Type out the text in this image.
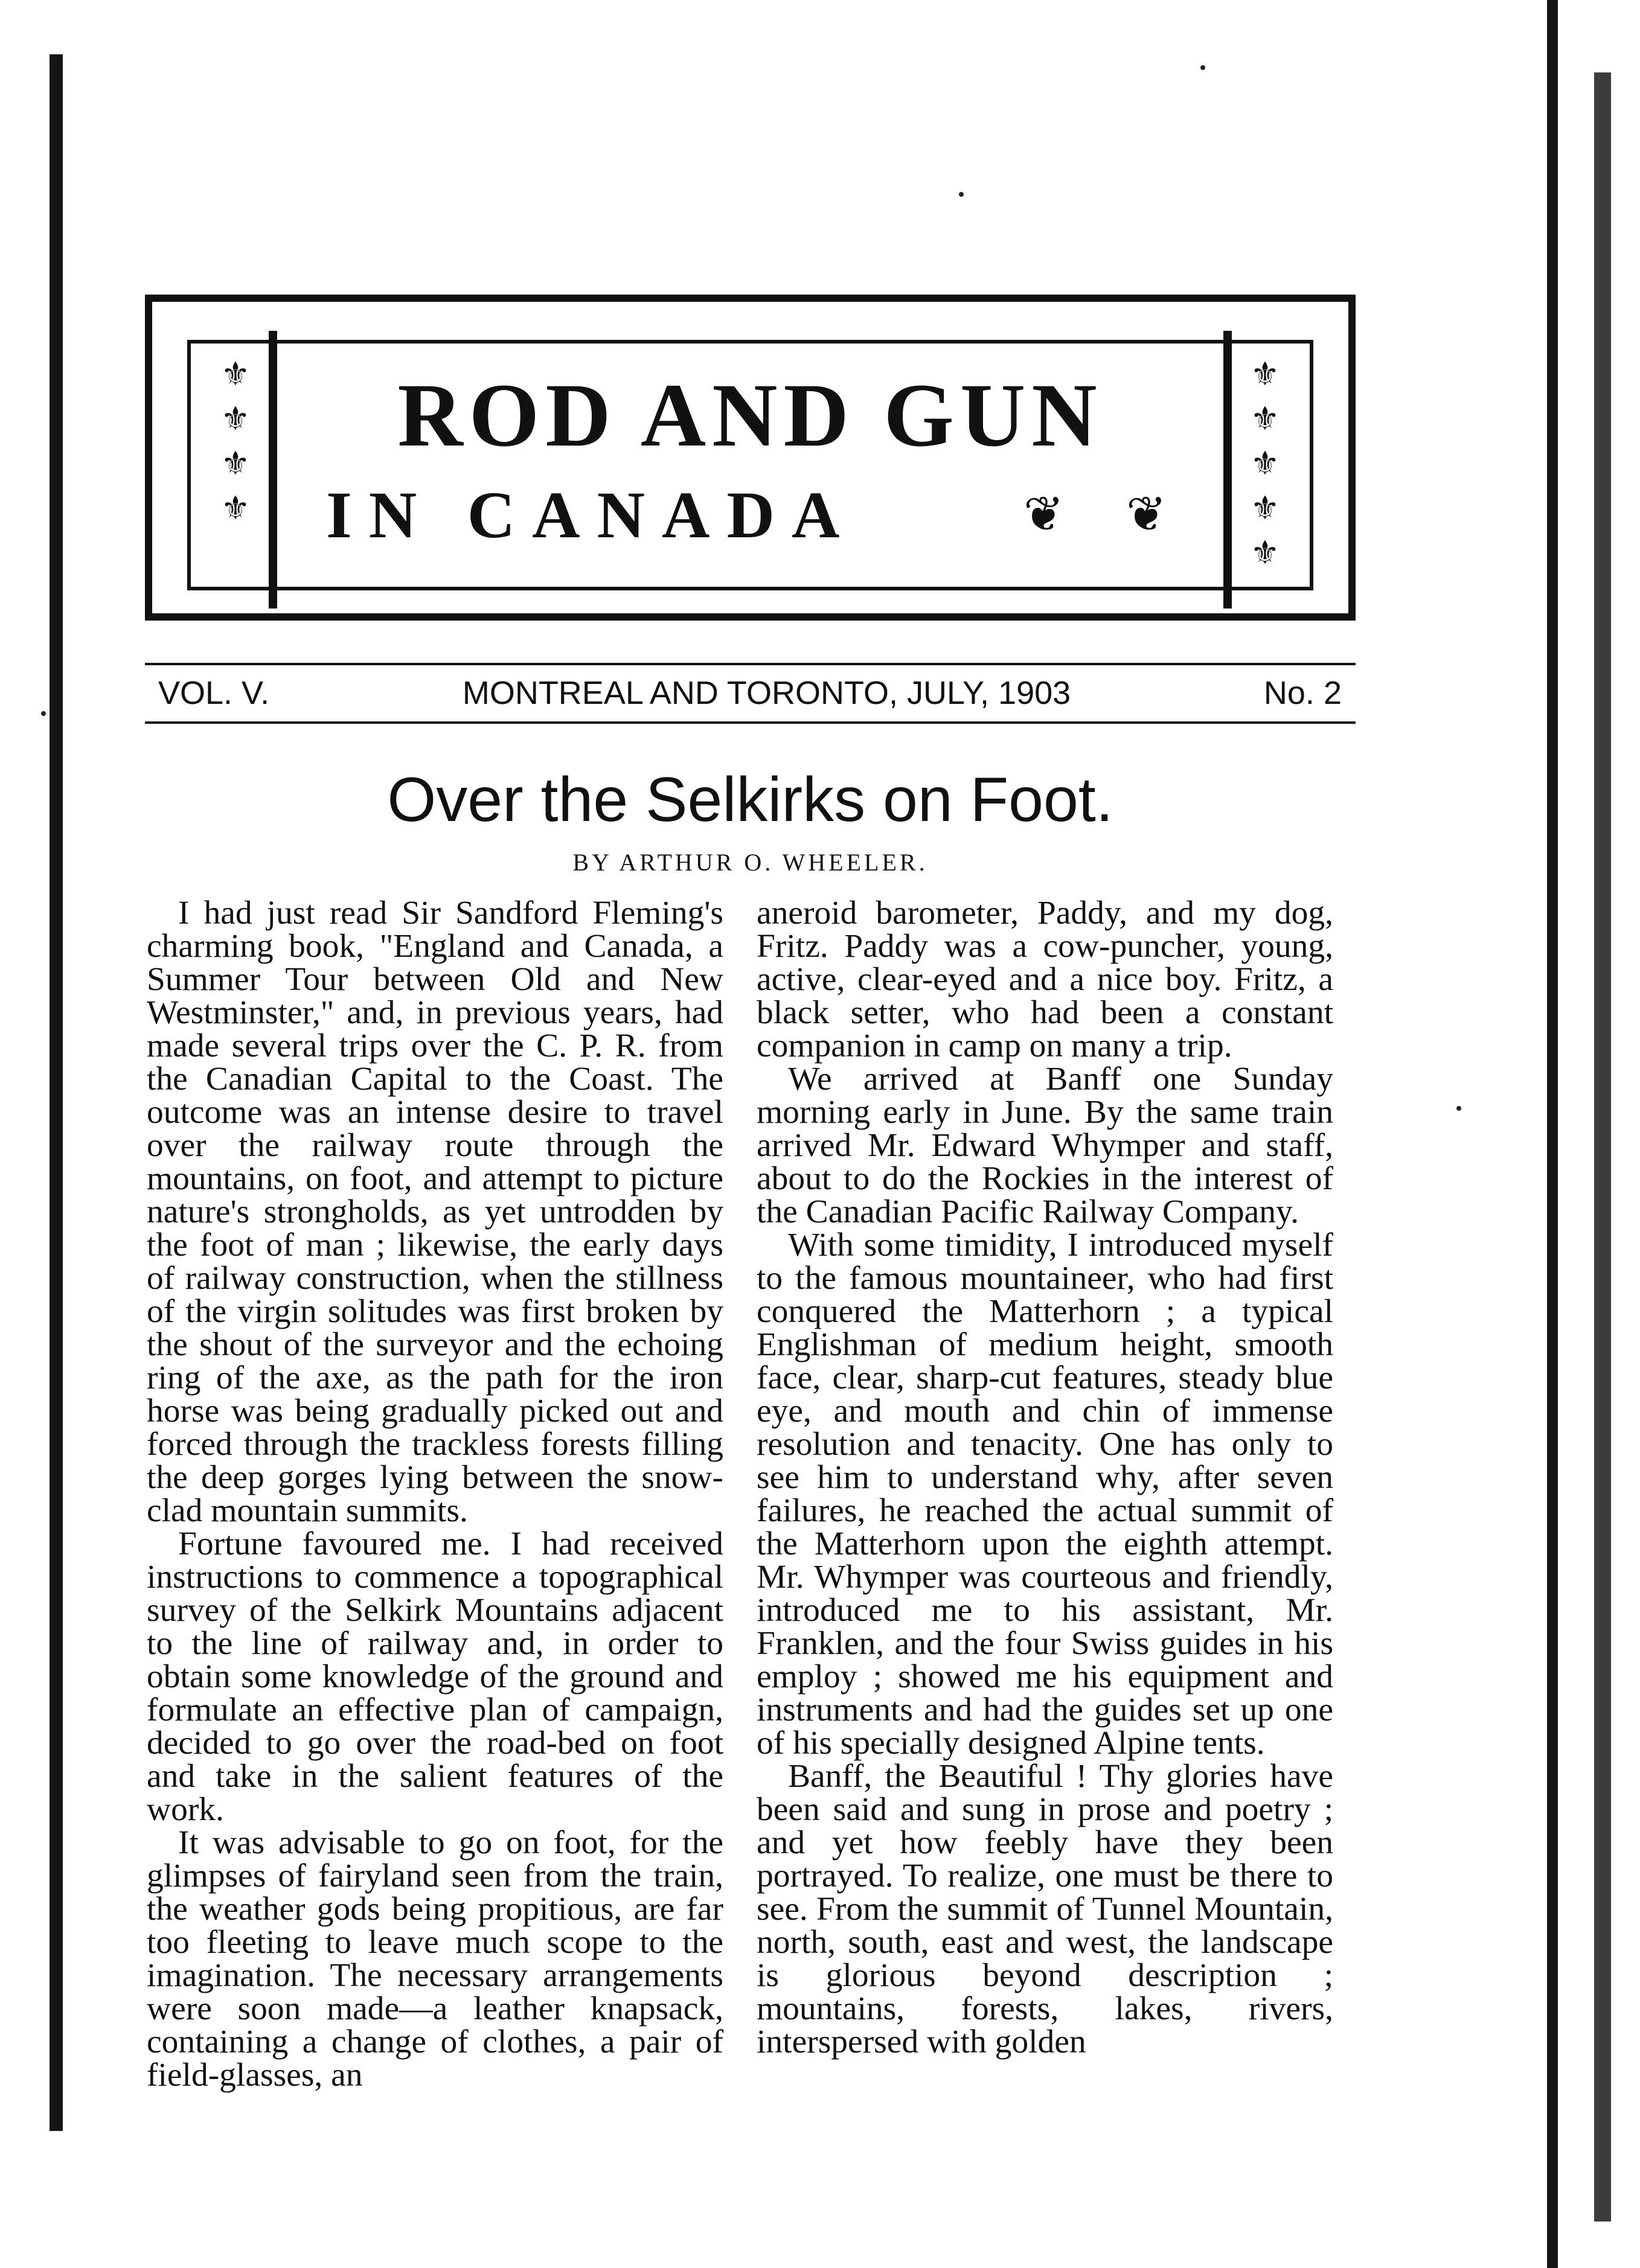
⚜
⚜
⚜
⚜
⚜
⚜
⚜
⚜
⚜
ROD AND GUN
IN CANADA	❦ ❦
VOL. V.	MONTREAL AND TORONTO, JULY, 1903	No. 2
Over the Selkirks on Foot.
BY ARTHUR O. WHEELER.

I had just read Sir Sandford Fleming's charming book, "England and Canada, a Summer Tour between Old and New Westminster," and, in previous years, had made several trips over the C. P. R. from the Canadian Capital to the Coast. The outcome was an intense desire to travel over the railway route through the mountains, on foot, and attempt to picture nature's strongholds, as yet untrodden by the foot of man ; likewise, the early days of railway construction, when the stillness of the virgin solitudes was first broken by the shout of the surveyor and the echoing ring of the axe, as the path for the iron horse was being gradually picked out and forced through the trackless forests filling the deep gorges lying between the snow-clad mountain summits.

Fortune favoured me. I had received instructions to commence a topographical survey of the Selkirk Mountains adjacent to the line of railway and, in order to obtain some knowledge of the ground and formulate an effective plan of campaign, decided to go over the road-bed on foot and take in the salient features of the work.

It was advisable to go on foot, for the glimpses of fairyland seen from the train, the weather gods being propitious, are far too fleeting to leave much scope to the imagination. The necessary arrangements were soon made—a leather knapsack, containing a change of clothes, a pair of field-glasses, an

aneroid barometer, Paddy, and my dog, Fritz. Paddy was a cow-puncher, young, active, clear-eyed and a nice boy. Fritz, a black setter, who had been a constant companion in camp on many a trip.

We arrived at Banff one Sunday morning early in June. By the same train arrived Mr. Edward Whymper and staff, about to do the Rockies in the interest of the Canadian Pacific Railway Company.

With some timidity, I introduced myself to the famous mountaineer, who had first conquered the Matterhorn ; a typical Englishman of medium height, smooth face, clear, sharp-cut features, steady blue eye, and mouth and chin of immense resolution and tenacity. One has only to see him to understand why, after seven failures, he reached the actual summit of the Matterhorn upon the eighth attempt. Mr. Whymper was courteous and friendly, introduced me to his assistant, Mr. Franklen, and the four Swiss guides in his employ ; showed me his equipment and instruments and had the guides set up one of his specially designed Alpine tents.

Banff, the Beautiful ! Thy glories have been said and sung in prose and poetry ; and yet how feebly have they been portrayed. To realize, one must be there to see. From the summit of Tunnel Mountain, north, south, east and west, the landscape is glorious beyond description ; mountains, forests, lakes, rivers, interspersed with golden
